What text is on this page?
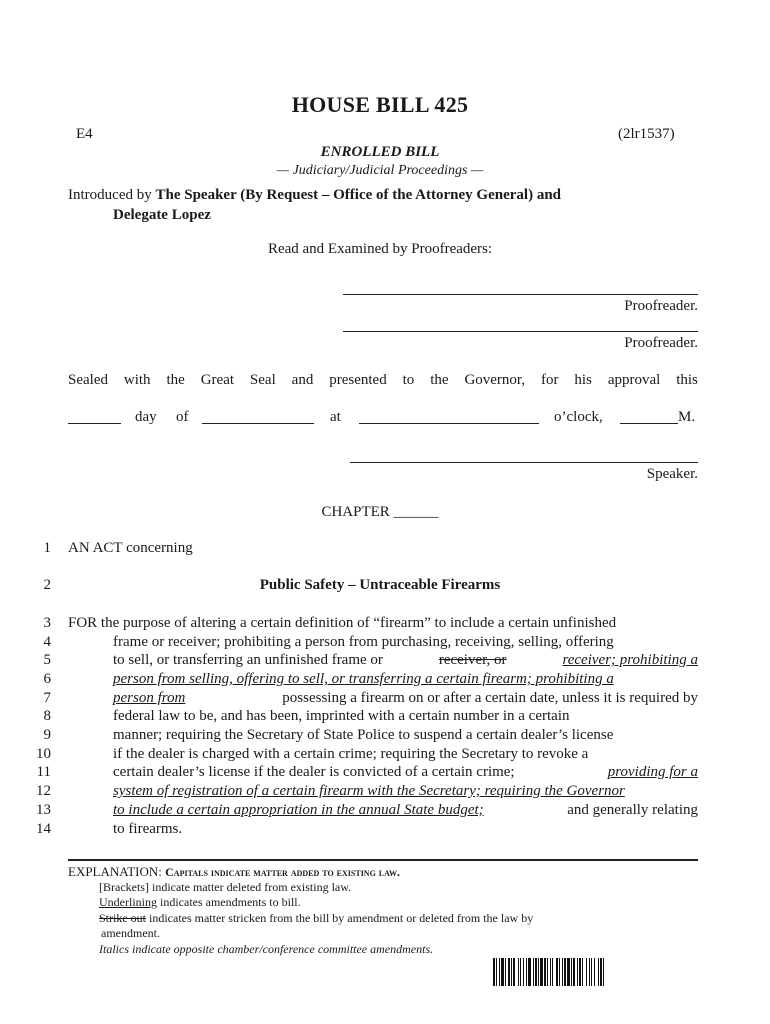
HOUSE BILL 425
E4	(2lr1537)
ENROLLED BILL
— Judiciary/Judicial Proceedings —
Introduced by The Speaker (By Request – Office of the Attorney General) and
Delegate Lopez
Read and Examined by Proofreaders:
Proofreader.
Proofreader.
Sealed with the Great Seal and presented to the Governor, for his approval this
day of	at	o’clock,	M.
Speaker.
CHAPTER ______
1 AN ACT concerning
2	Public Safety – Untraceable Firearms
3 FOR the purpose of altering a certain definition of “firearm” to include a certain unfinished
4	frame or receiver; prohibiting a person from purchasing, receiving, selling, offering
5	to sell, or transferring an unfinished frame or	receiver, or	receiver; prohibiting a
6	person from selling, offering to sell, or transferring a certain firearm; prohibiting a
7	person from	possessing a firearm on or after a certain date, unless it is required by
8	federal law to be, and has been, imprinted with a certain number in a certain
9	manner; requiring the Secretary of State Police to suspend a certain dealer’s license
10	if the dealer is charged with a certain crime; requiring the Secretary to revoke a
11	certain dealer’s license if the dealer is convicted of a certain crime;	providing for a
12	system of registration of a certain firearm with the Secretary; requiring the Governor
13	to include a certain appropriation in the annual State budget;	and generally relating
14	to firearms.
EXPLANATION: Capitals indicate matter added to existing law.
[Brackets] indicate matter deleted from existing law.
Underlining indicates amendments to bill.
Strike out indicates matter stricken from the bill by amendment or deleted from the law by
amendment.
Italics indicate opposite chamber/conference committee amendments.
